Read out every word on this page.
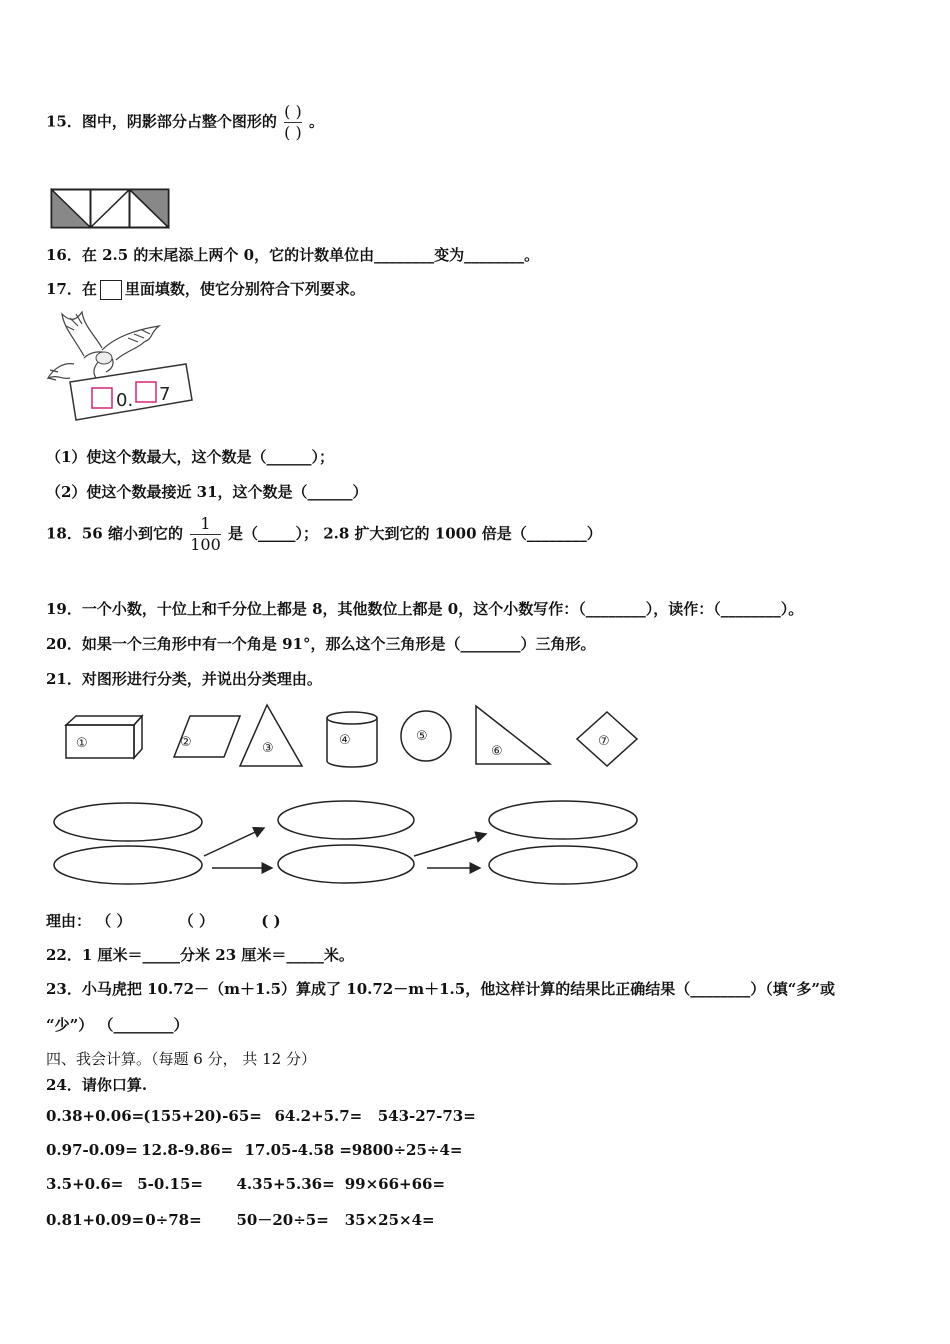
15．图中，阴影部分占整个图形的 $\frac{( )}{( )}$ 。
16．在 2.5 的末尾添上两个 0，它的计数单位由________变为________。
17．在 里面填数，使它分别符合下列要求。
0. 7
（1）使这个数最大，这个数是（______）；
（2）使这个数最接近 31，这个数是（______）
18．56 缩小到它的 $\frac{1}{100}$ 是（_____）； 2.8 扩大到它的 1000 倍是（________）
19．一个小数，十位上和千分位上都是 8，其他数位上都是 0，这个小数写作：（________），读作：（________）。
20．如果一个三角形中有一个角是 91°，那么这个三角形是（________）三角形。
21．对图形进行分类，并说出分类理由。
①	②	③
④	⑤
⑥
⑦
理由： （ ）	（ ）	( )
22．1 厘米＝_____分米 23 厘米＝_____米。
23．小马虎把 10.72－（m＋1.5）算成了 10.72－m＋1.5，他这样计算的结果比正确结果（________）（填“多”或
“少”） （________）
四、我会计算。（每题 6 分， 共 12 分）
24．请你口算.
0.38+0.06= (155+20)-65= 64.2+5.7= 543-27-73=
0.97-0.09= 12.8-9.86= 17.05-4.58 = 9800÷25÷4=
3.5+0.6= 5-0.15= 4.35+5.36= 99×66+66=
0.81+0.09= 0÷78= 50－20÷5= 35×25×4=
